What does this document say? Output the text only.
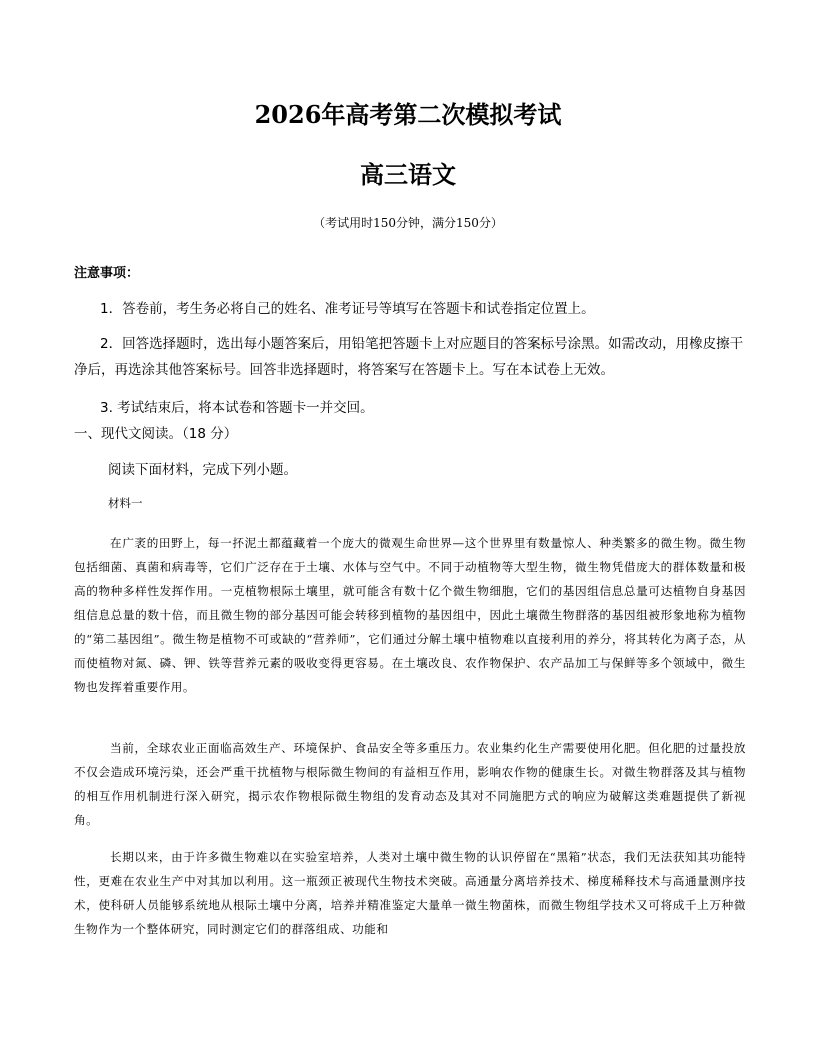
2026年高考第二次模拟考试
高三语文
（考试用时150分钟，满分150分）
注意事项：

1．答卷前，考生务必将自己的姓名、准考证号等填写在答题卡和试卷指定位置上。

2．回答选择题时，选出每小题答案后，用铅笔把答题卡上对应题目的答案标号涂黑。如需改动，用橡皮擦干净后，再选涂其他答案标号。回答非选择题时，将答案写在答题卡上。写在本试卷上无效。

3. 考试结束后，将本试卷和答题卡一并交回。

一、现代文阅读。（18 分）
阅读下面材料，完成下列小题。
材料一

在广袤的田野上，每一抔泥土都蕴藏着一个庞大的微观生命世界—这个世界里有数量惊人、种类繁多的微生物。微生物包括细菌、真菌和病毒等，它们广泛存在于土壤、水体与空气中。不同于动植物等大型生物，微生物凭借庞大的群体数量和极高的物种多样性发挥作用。一克植物根际土壤里，就可能含有数十亿个微生物细胞，它们的基因组信息总量可达植物自身基因组信息总量的数十倍，而且微生物的部分基因可能会转移到植物的基因组中，因此土壤微生物群落的基因组被形象地称为植物的“第二基因组”。微生物是植物不可或缺的“营养师”，它们通过分解土壤中植物难以直接利用的养分，将其转化为离子态，从而使植物对氮、磷、钾、铁等营养元素的吸收变得更容易。在土壤改良、农作物保护、农产品加工与保鲜等多个领域中，微生物也发挥着重要作用。

当前，全球农业正面临高效生产、环境保护、食品安全等多重压力。农业集约化生产需要使用化肥。但化肥的过量投放不仅会造成环境污染，还会严重干扰植物与根际微生物间的有益相互作用，影响农作物的健康生长。对微生物群落及其与植物的相互作用机制进行深入研究，揭示农作物根际微生物组的发育动态及其对不同施肥方式的响应为破解这类难题提供了新视角。

长期以来，由于许多微生物难以在实验室培养，人类对土壤中微生物的认识停留在“黑箱”状态，我们无法获知其功能特性，更难在农业生产中对其加以利用。这一瓶颈正被现代生物技术突破。高通量分离培养技术、梯度稀释技术与高通量测序技术，使科研人员能够系统地从根际土壤中分离，培养并精准鉴定大量单一微生物菌株，而微生物组学技术又可将成千上万种微生物作为一个整体研究，同时测定它们的群落组成、功能和
